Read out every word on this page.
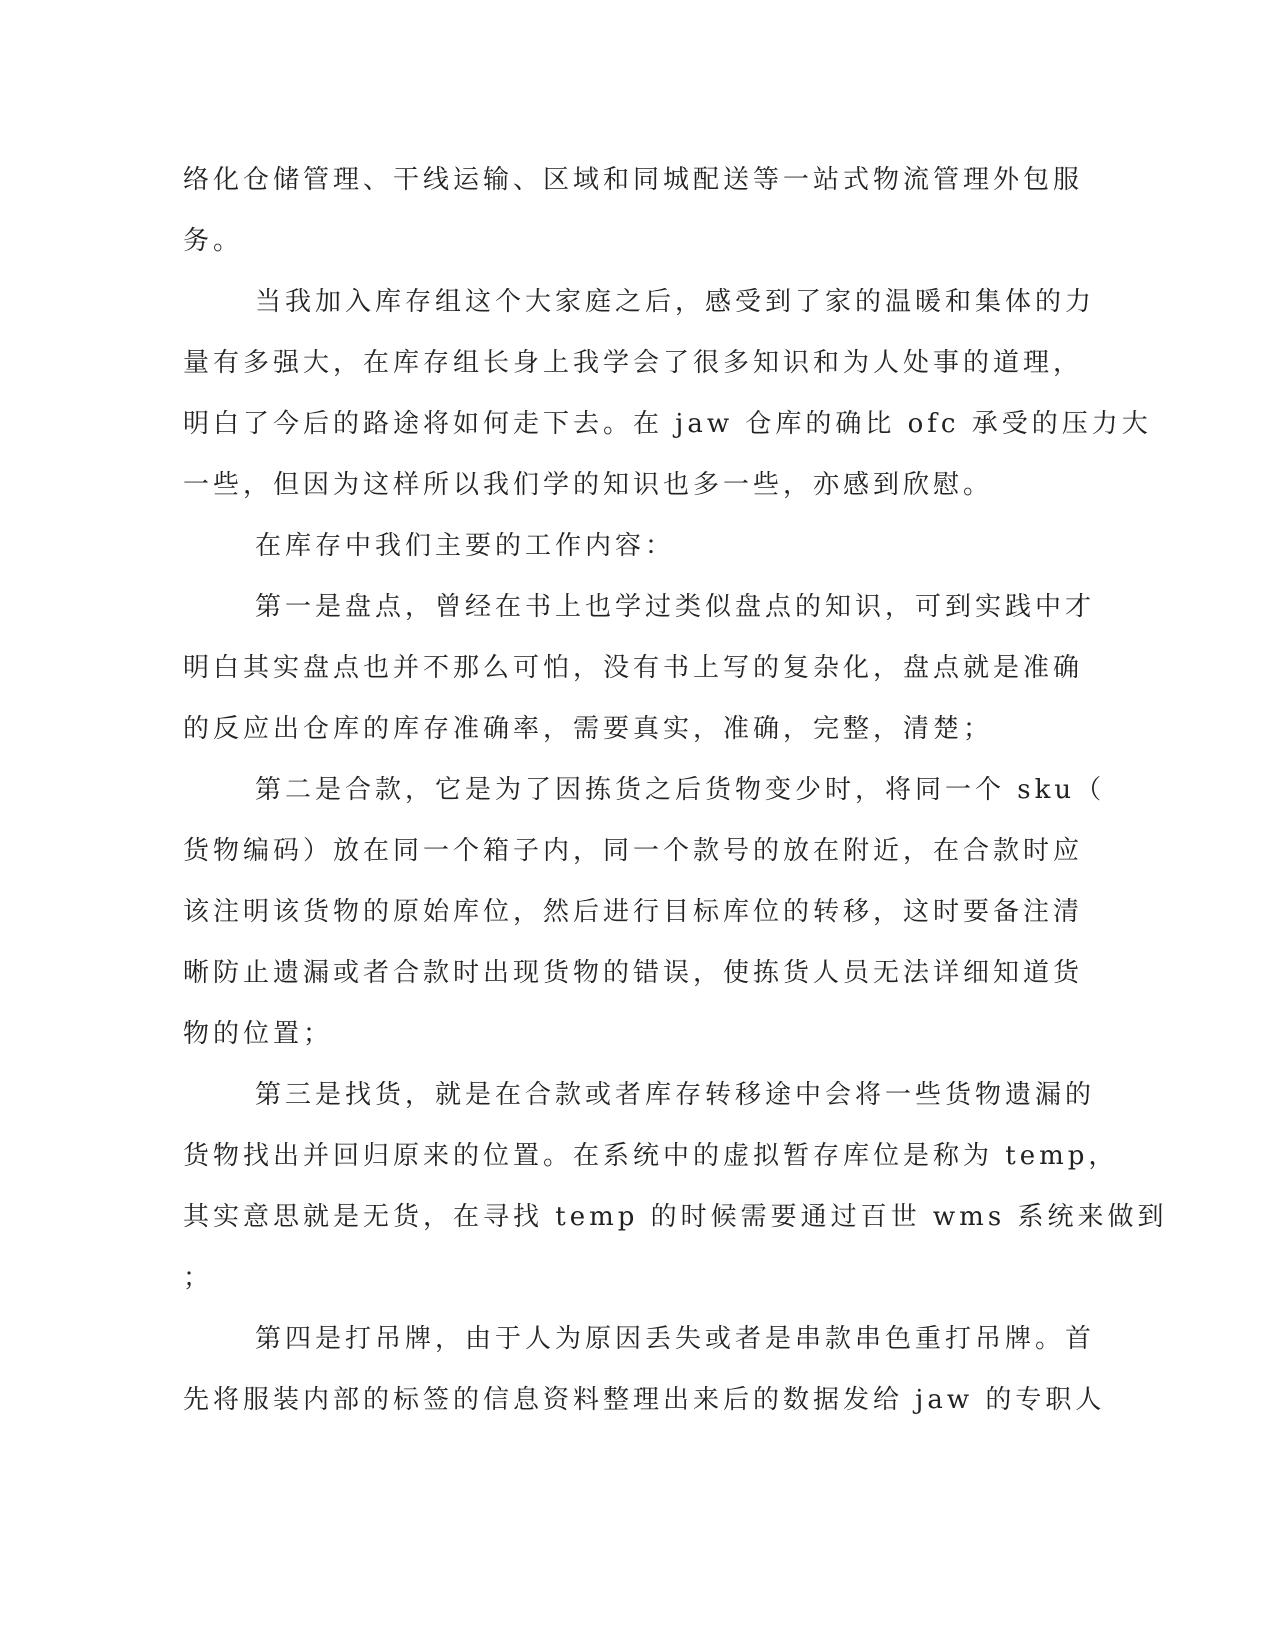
络化仓储管理、干线运输、区域和同城配送等一站式物流管理外包服
务。
当我加入库存组这个大家庭之后，感受到了家的温暖和集体的力
量有多强大，在库存组长身上我学会了很多知识和为人处事的道理，
明白了今后的路途将如何走下去。在 jaw 仓库的确比 ofc 承受的压力大
一些，但因为这样所以我们学的知识也多一些，亦感到欣慰。
在库存中我们主要的工作内容：
第一是盘点，曾经在书上也学过类似盘点的知识，可到实践中才
明白其实盘点也并不那么可怕，没有书上写的复杂化，盘点就是准确
的反应出仓库的库存准确率，需要真实，准确，完整，清楚；
第二是合款，它是为了因拣货之后货物变少时，将同一个 sku（
货物编码）放在同一个箱子内，同一个款号的放在附近，在合款时应
该注明该货物的原始库位，然后进行目标库位的转移，这时要备注清
晰防止遗漏或者合款时出现货物的错误，使拣货人员无法详细知道货
物的位置；
第三是找货，就是在合款或者库存转移途中会将一些货物遗漏的
货物找出并回归原来的位置。在系统中的虚拟暂存库位是称为 temp，
其实意思就是无货，在寻找 temp 的时候需要通过百世 wms 系统来做到
；
第四是打吊牌，由于人为原因丢失或者是串款串色重打吊牌。首
先将服装内部的标签的信息资料整理出来后的数据发给 jaw 的专职人
